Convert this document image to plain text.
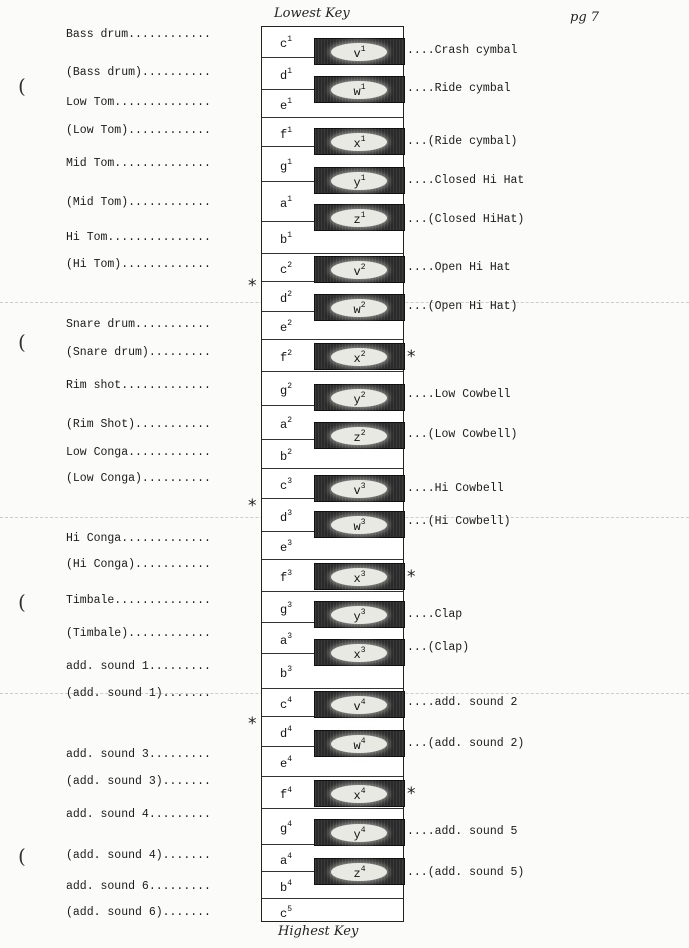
Lowest Key	pg 7
$c^1$
$d^1$
$e^1$
$f^1$
$g^1$
$a^1$
$b^1$
$c^2$
$d^2$
$e^2$
$f^2$
$g^2$
$a^2$
$b^2$
$c^3$
$d^3$
$e^3$
$f^3$
$g^3$
$a^3$
$b^3$
$c^4$
$d^4$
$e^4$
$f^4$
$g^4$
$a^4$
$b^4$
$c^5$
$v^1$
$w^1$
$x^1$
$y^1$
$z^1$
$v^2$
$w^2$
$x^2$
$y^2$
$z^2$
$v^3$
$w^3$
$x^3$
$y^3$
$x^3$
$v^4$
$w^4$
$x^4$
$y^4$
$z^4$
Bass drum............
(Bass drum)..........
Low Tom..............
(Low Tom)............
Mid Tom..............
(Mid Tom)............
Hi Tom...............
(Hi Tom).............
Snare drum...........
(Snare drum).........
Rim shot.............
(Rim Shot)...........
Low Conga............
(Low Conga)..........
Hi Conga.............
(Hi Conga)...........
Timbale..............
(Timbale)............
add. sound 1.........
(add. sound 1).......
add. sound 3.........
(add. sound 3).......
add. sound 4.........
(add. sound 4).......
add. sound 6.........
(add. sound 6).......
....Crash cymbal
....Ride cymbal
...(Ride cymbal)
....Closed Hi Hat
...(Closed HiHat)
....Open Hi Hat
...(Open Hi Hat)
....Low Cowbell
...(Low Cowbell)
....Hi Cowbell
...(Hi Cowbell)
....Clap
...(Clap)
....add. sound 2
...(add. sound 2)
....add. sound 5
...(add. sound 5)
*
*
*
*
*
*
(
(
(
(
Highest Key
